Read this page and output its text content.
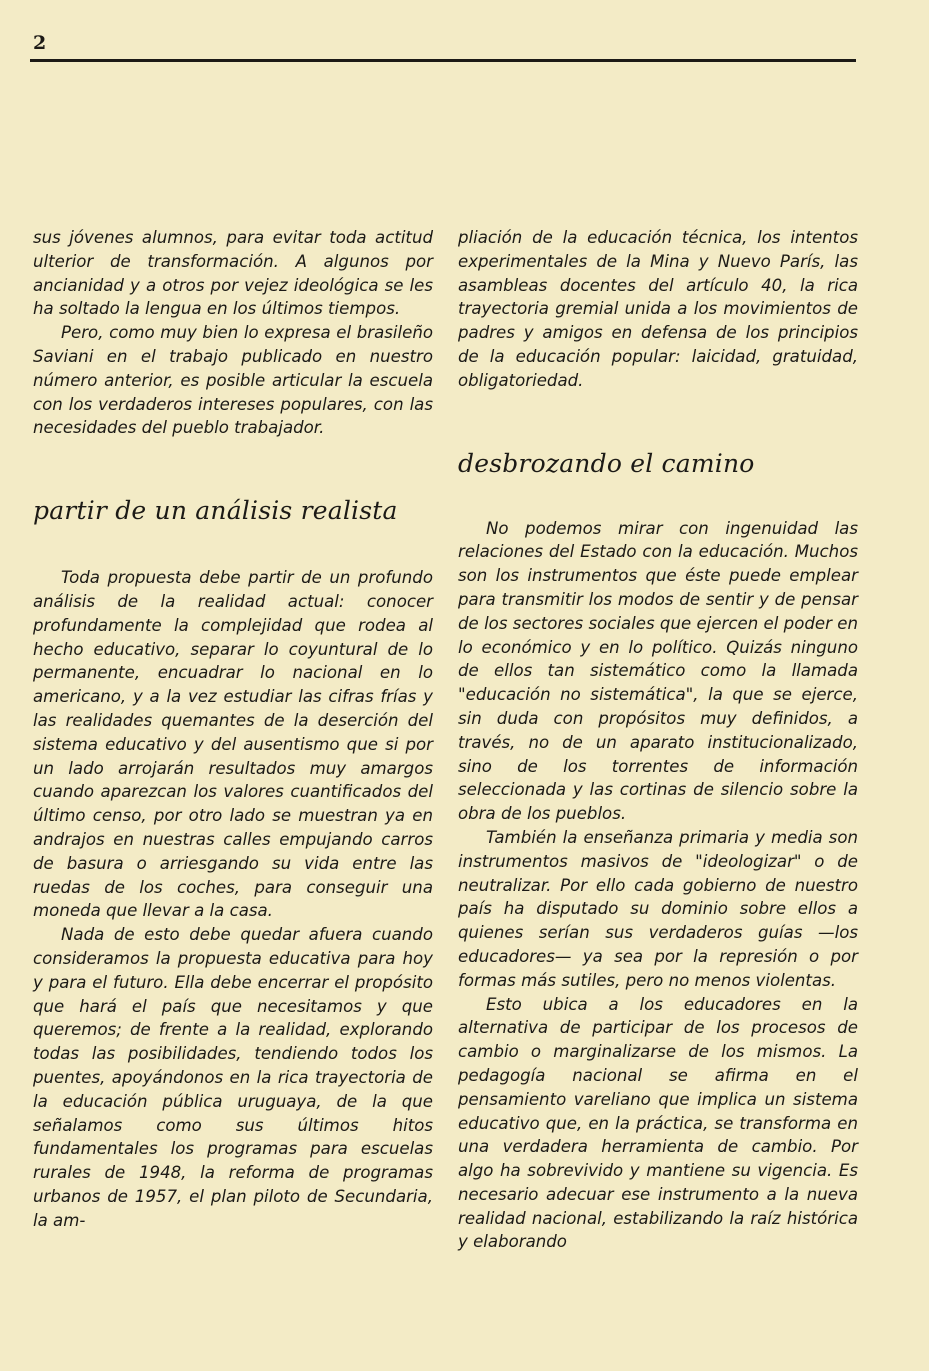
2

sus jóvenes alumnos, para evitar toda actitud ulterior de transformación. A algunos por ancianidad y a otros por vejez ideológica se les ha soltado la lengua en los últimos tiempos.

Pero, como muy bien lo expresa el brasileño Saviani en el trabajo publicado en nuestro número anterior, es posible articular la escuela con los verdaderos intereses populares, con las necesidades del pueblo trabajador.

partir de un análisis realista

Toda propuesta debe partir de un profundo análisis de la realidad actual: conocer profundamente la complejidad que rodea al hecho educativo, separar lo coyuntural de lo permanente, encuadrar lo nacional en lo americano, y a la vez estudiar las cifras frías y las realidades quemantes de la deserción del sistema educativo y del ausentismo que si por un lado arrojarán resultados muy amargos cuando aparezcan los valores cuantificados del último censo, por otro lado se muestran ya en andrajos en nuestras calles empujando carros de basura o arriesgando su vida entre las ruedas de los coches, para conseguir una moneda que llevar a la casa.

Nada de esto debe quedar afuera cuando consideramos la propuesta educativa para hoy y para el futuro. Ella debe encerrar el propósito que hará el país que necesitamos y que queremos; de frente a la realidad, explorando todas las posibilidades, tendiendo todos los puentes, apoyándonos en la rica trayectoria de la educación pública uruguaya, de la que señalamos como sus últimos hitos fundamentales los programas para escuelas rurales de 1948, la reforma de programas urbanos de 1957, el plan piloto de Secundaria, la am-

pliación de la educación técnica, los intentos experimentales de la Mina y Nuevo París, las asambleas docentes del artículo 40, la rica trayectoria gremial unida a los movimientos de padres y amigos en defensa de los principios de la educación popular: laicidad, gratuidad, obligatoriedad.

desbrozando el camino

No podemos mirar con ingenuidad las relaciones del Estado con la educación. Muchos son los instrumentos que éste puede emplear para transmitir los modos de sentir y de pensar de los sectores sociales que ejercen el poder en lo económico y en lo político. Quizás ninguno de ellos tan sistemático como la llamada "educación no sistemática", la que se ejerce, sin duda con propósitos muy definidos, a través, no de un aparato institucionalizado, sino de los torrentes de información seleccionada y las cortinas de silencio sobre la obra de los pueblos.

También la enseñanza primaria y media son instrumentos masivos de "ideologizar" o de neutralizar. Por ello cada gobierno de nuestro país ha disputado su dominio sobre ellos a quienes serían sus verdaderos guías —los educadores— ya sea por la represión o por formas más sutiles, pero no menos violentas.

Esto ubica a los educadores en la alternativa de participar de los procesos de cambio o marginalizarse de los mismos. La pedagogía nacional se afirma en el pensamiento vareliano que implica un sistema educativo que, en la práctica, se transforma en una verdadera herramienta de cambio. Por algo ha sobrevivido y mantiene su vigencia. Es necesario adecuar ese instrumento a la nueva realidad nacional, estabilizando la raíz histórica y elaborando
